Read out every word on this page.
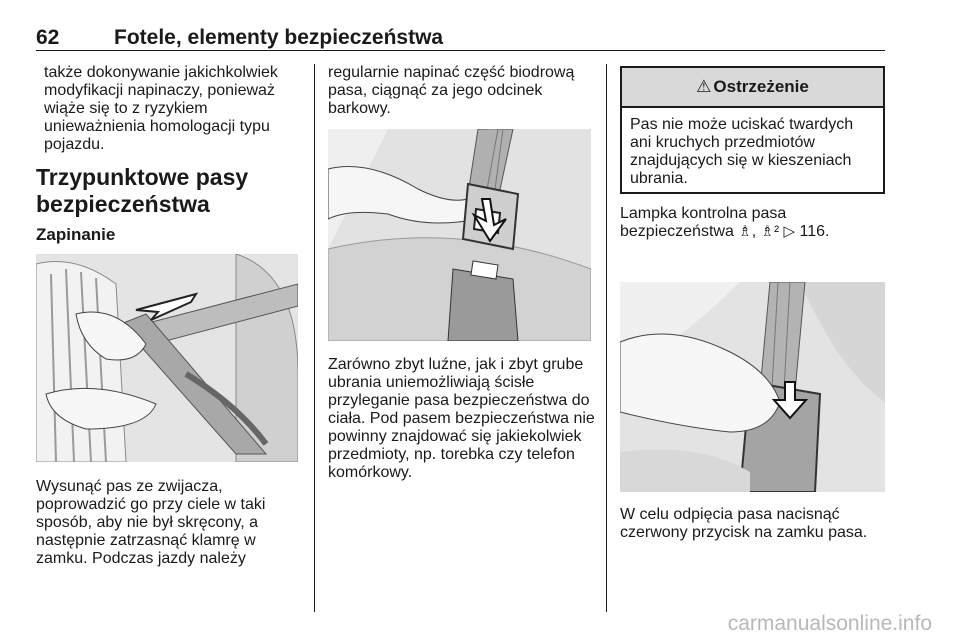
62	Fotele, elementy bezpieczeństwa
także dokonywanie jakichkolwiek modyfikacji napinaczy, ponieważ wiąże się to z ryzykiem unieważnienia homologacji typu pojazdu.
Trzypunktowe pasy bezpieczeństwa
Zapinanie
Wysunąć pas ze zwijacza, poprowadzić go przy ciele w taki sposób, aby nie był skręcony, a następnie zatrzasnąć klamrę w zamku. Podczas jazdy należy
regularnie napinać część biodrową pasa, ciągnąć za jego odcinek barkowy.
Zarówno zbyt luźne, jak i zbyt grube ubrania uniemożliwiają ścisłe przyleganie pasa bezpieczeństwa do ciała. Pod pasem bezpieczeństwa nie powinny znajdować się jakiekolwiek przedmioty, np. torebka czy telefon komórkowy.
⚠ Ostrzeżenie
Pas nie może uciskać twardych ani kruchych przedmiotów znajdujących się w kieszeniach ubrania.
Lampka kontrolna pasa bezpieczeństwa ♗, ♗² ▷ 116.
W celu odpięcia pasa nacisnąć czerwony przycisk na zamku pasa.
carmanualsonline.info
